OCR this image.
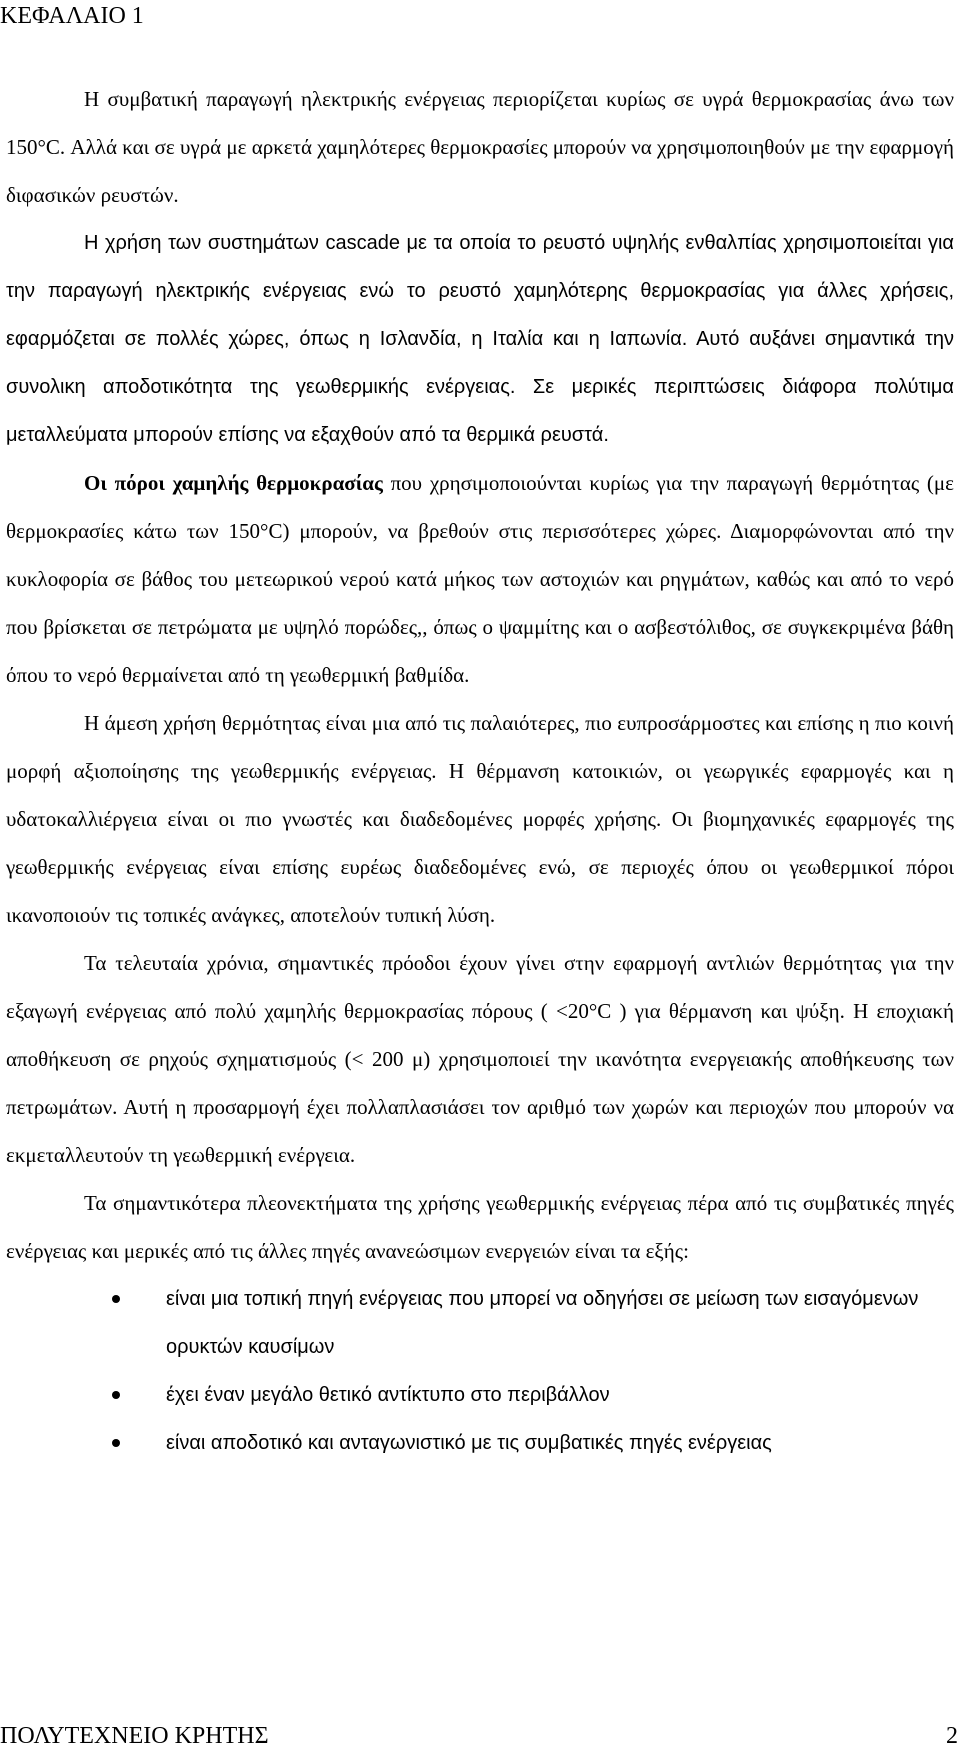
ΚΕΦΑΛΑΙΟ 1

Η συμβατική παραγωγή ηλεκτρικής ενέργειας περιορίζεται κυρίως σε υγρά θερμοκρασίας άνω των 150°C. Αλλά και σε υγρά με αρκετά χαμηλότερες θερμοκρασίες μπορούν να χρησιμοποιηθούν με την εφαρμογή διφασικών ρευστών.

Η χρήση των συστημάτων cascade με τα οποία το ρευστό υψηλής ενθαλπίας χρησιμοποιείται για την παραγωγή ηλεκτρικής ενέργειας ενώ το ρευστό χαμηλότερης θερμοκρασίας για άλλες χρήσεις, εφαρμόζεται σε πολλές χώρες, όπως η Ισλανδία, η Ιταλία και η Ιαπωνία. Αυτό αυξάνει σημαντικά την συνολικη αποδοτικότητα της γεωθερμικής ενέργειας. Σε μερικές περιπτώσεις διάφορα πολύτιμα μεταλλεύματα μπορούν επίσης να εξαχθούν από τα θερμικά ρευστά.

Οι πόροι χαμηλής θερμοκρασίας που χρησιμοποιούνται κυρίως για την παραγωγή θερμότητας (με θερμοκρασίες κάτω των 150°C) μπορούν, να βρεθούν στις περισσότερες χώρες. Διαμορφώνονται από την κυκλοφορία σε βάθος του μετεωρικού νερού κατά μήκος των αστοχιών και ρηγμάτων, καθώς και από το νερό που βρίσκεται σε πετρώματα με υψηλό πορώδες,, όπως ο ψαμμίτης και ο ασβεστόλιθος, σε συγκεκριμένα βάθη όπου το νερό θερμαίνεται από τη γεωθερμική βαθμίδα.

Η άμεση χρήση θερμότητας είναι μια από τις παλαιότερες, πιο ευπροσάρμοστες και επίσης η πιο κοινή μορφή αξιοποίησης της γεωθερμικής ενέργειας. Η θέρμανση κατοικιών, οι γεωργικές εφαρμογές και η υδατοκαλλιέργεια είναι οι πιο γνωστές και διαδεδομένες μορφές χρήσης. Οι βιομηχανικές εφαρμογές της γεωθερμικής ενέργειας είναι επίσης ευρέως διαδεδομένες ενώ, σε περιοχές όπου οι γεωθερμικοί πόροι ικανοποιούν τις τοπικές ανάγκες, αποτελούν τυπική λύση.

Τα τελευταία χρόνια, σημαντικές πρόοδοι έχουν γίνει στην εφαρμογή αντλιών θερμότητας για την εξαγωγή ενέργειας από πολύ χαμηλής θερμοκρασίας πόρους ( <20°C ) για θέρμανση και ψύξη. Η εποχιακή αποθήκευση σε ρηχούς σχηματισμούς (< 200 μ) χρησιμοποιεί την ικανότητα ενεργειακής αποθήκευσης των πετρωμάτων. Αυτή η προσαρμογή έχει πολλαπλασιάσει τον αριθμό των χωρών και περιοχών που μπορούν να εκμεταλλευτούν τη γεωθερμική ενέργεια.

Τα σημαντικότερα πλεονεκτήματα της χρήσης γεωθερμικής ενέργειας πέρα από τις συμβατικές πηγές ενέργειας και μερικές από τις άλλες πηγές ανανεώσιμων ενεργειών είναι τα εξής:

είναι μια τοπική πηγή ενέργειας που μπορεί να οδηγήσει σε μείωση των εισαγόμενων ορυκτών καυσίμων
έχει έναν μεγάλο θετικό αντίκτυπο στο περιβάλλον
είναι αποδοτικό και ανταγωνιστικό με τις συμβατικές πηγές ενέργειας
ΠΟΛΥΤΕΧΝΕΙΟ ΚΡΗΤΗΣ	2
